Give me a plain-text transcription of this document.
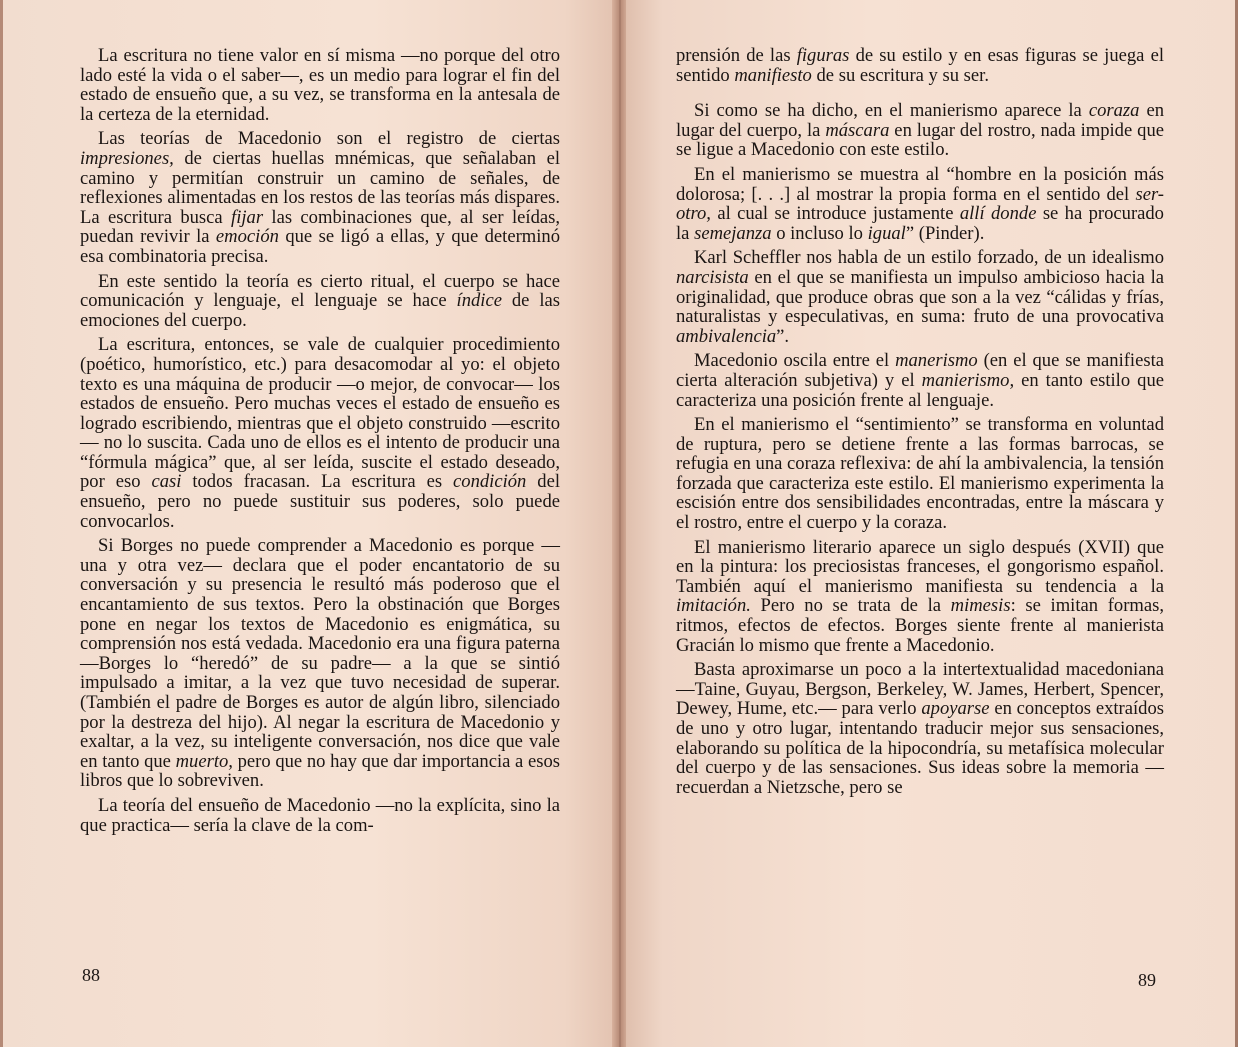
La escritura no tiene valor en sí misma —no porque del otro lado esté la vida o el saber—, es un medio para lograr el fin del estado de ensueño que, a su vez, se transforma en la antesala de la certeza de la eternidad.

Las teorías de Macedonio son el registro de ciertas impresiones, de ciertas huellas mnémicas, que señalaban el camino y permitían construir un camino de señales, de reflexiones alimentadas en los restos de las teorías más dispares. La escritura busca fijar las combinaciones que, al ser leídas, puedan revivir la emoción que se ligó a ellas, y que determinó esa combinatoria precisa.

En este sentido la teoría es cierto ritual, el cuerpo se hace comunicación y lenguaje, el lenguaje se hace índice de las emociones del cuerpo.

La escritura, entonces, se vale de cualquier procedimiento (poético, humorístico, etc.) para desacomodar al yo: el objeto texto es una máquina de producir —o mejor, de convocar— los estados de ensueño. Pero muchas veces el estado de ensueño es logrado escribiendo, mientras que el objeto construido —escrito— no lo suscita. Cada uno de ellos es el intento de producir una “fórmula mágica” que, al ser leída, suscite el estado deseado, por eso casi todos fracasan. La escritura es condición del ensueño, pero no puede sustituir sus poderes, solo puede convocarlos.

Si Borges no puede comprender a Macedonio es porque —una y otra vez— declara que el poder encantatorio de su conversación y su presencia le resultó más poderoso que el encantamiento de sus textos. Pero la obstinación que Borges pone en negar los textos de Macedonio es enigmática, su comprensión nos está vedada. Macedonio era una figura paterna —Borges lo “heredó” de su padre— a la que se sintió impulsado a imitar, a la vez que tuvo necesidad de superar. (También el padre de Borges es autor de algún libro, silenciado por la destreza del hijo). Al negar la escritura de Macedonio y exaltar, a la vez, su inteligente conversación, nos dice que vale en tanto que muerto, pero que no hay que dar importancia a esos libros que lo sobreviven.

La teoría del ensueño de Macedonio —no la explícita, sino la que practica— sería la clave de la com-

prensión de las figuras de su estilo y en esas figuras se juega el sentido manifiesto de su escritura y su ser.

Si como se ha dicho, en el manierismo aparece la coraza en lugar del cuerpo, la máscara en lugar del rostro, nada impide que se ligue a Macedonio con este estilo.

En el manierismo se muestra al “hombre en la posición más dolorosa; [. . .] al mostrar la propia forma en el sentido del ser-otro, al cual se introduce justamente allí donde se ha procurado la semejanza o incluso lo igual” (Pinder).

Karl Scheffler nos habla de un estilo forzado, de un idealismo narcisista en el que se manifiesta un impulso ambicioso hacia la originalidad, que produce obras que son a la vez “cálidas y frías, naturalistas y especulativas, en suma: fruto de una provocativa ambivalencia”.

Macedonio oscila entre el manerismo (en el que se manifiesta cierta alteración subjetiva) y el manierismo, en tanto estilo que caracteriza una posición frente al lenguaje.

En el manierismo el “sentimiento” se transforma en voluntad de ruptura, pero se detiene frente a las formas barrocas, se refugia en una coraza reflexiva: de ahí la ambivalencia, la tensión forzada que caracteriza este estilo. El manierismo experimenta la escisión entre dos sensibilidades encontradas, entre la máscara y el rostro, entre el cuerpo y la coraza.

El manierismo literario aparece un siglo después (XVII) que en la pintura: los preciosistas franceses, el gongorismo español. También aquí el manierismo manifiesta su tendencia a la imitación. Pero no se trata de la mimesis: se imitan formas, ritmos, efectos de efectos. Borges siente frente al manierista Gracián lo mismo que frente a Macedonio.

Basta aproximarse un poco a la intertextualidad macedoniana —Taine, Guyau, Bergson, Berkeley, W. James, Herbert, Spencer, Dewey, Hume, etc.— para verlo apoyarse en conceptos extraídos de uno y otro lugar, intentando traducir mejor sus sensaciones, elaborando su política de la hipocondría, su metafísica molecular del cuerpo y de las sensaciones. Sus ideas sobre la memoria —recuerdan a Nietzsche, pero se

88	89
